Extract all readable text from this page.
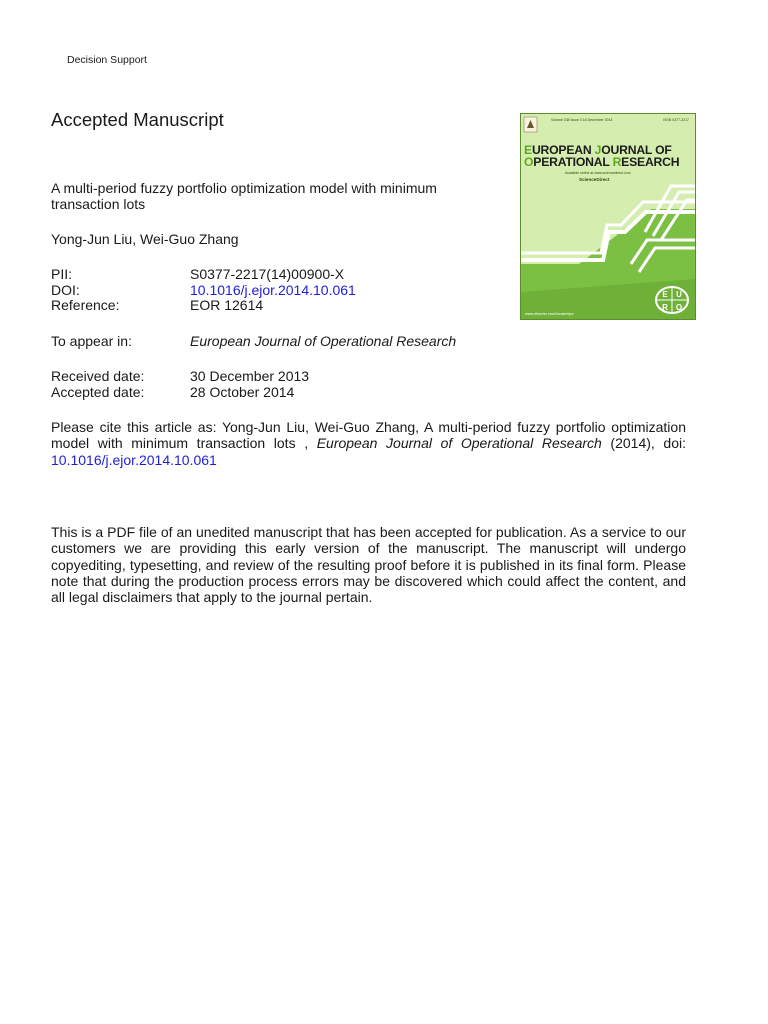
Decision Support
Accepted Manuscript
A multi-period fuzzy portfolio optimization model with minimum transaction lots
Yong-Jun Liu, Wei-Guo Zhang
PII:	S0377-2217(14)00900-X
DOI:	10.1016/j.ejor.2014.10.061
Reference:	EOR 12614
To appear in:	European Journal of Operational Research
Received date:	30 December 2013
Accepted date:	28 October 2014
Please cite this article as: Yong-Jun Liu, Wei-Guo Zhang, A multi-period fuzzy portfolio optimization model with minimum transaction lots , European Journal of Operational Research (2014), doi: 10.1016/j.ejor.2014.10.061
This is a PDF file of an unedited manuscript that has been accepted for publication. As a service to our customers we are providing this early version of the manuscript. The manuscript will undergo copyediting, typesetting, and review of the resulting proof before it is published in its final form. Please note that during the production process errors may be discovered which could affect the content, and all legal disclaimers that apply to the journal pertain.
Volume 238 Issue 3 16 December 2014	ISSN 0377-2217
EUROPEAN JOURNAL OF
OPERATIONAL RESEARCH
Available online at www.sciencedirect.com
ScienceDirect
E U
R O
www.elsevier.com/locate/ejor
